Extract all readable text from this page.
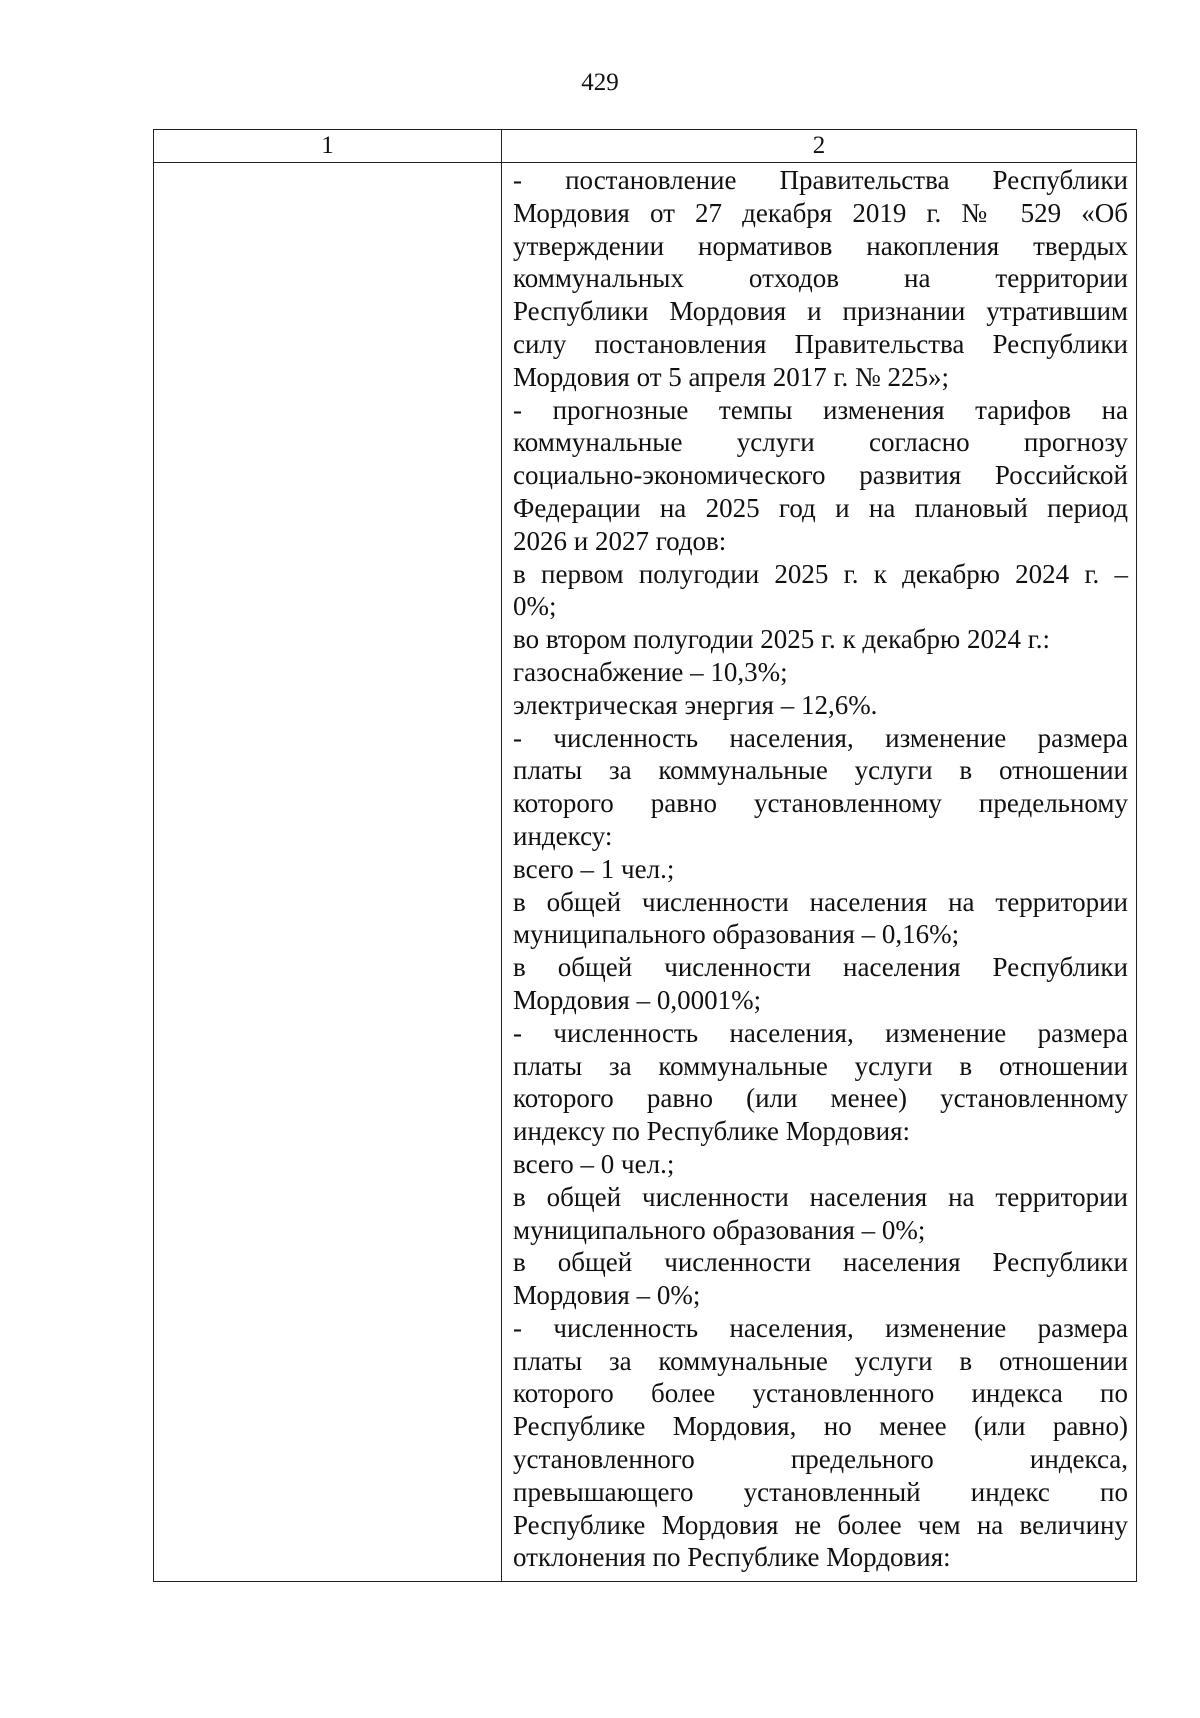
429
1	2
- постановление Правительства Республики
Мордовия от 27 декабря 2019 г. № 529 «Об
утверждении нормативов накопления твердых
коммунальных отходов на территории
Республики Мордовия и признании утратившим
силу постановления Правительства Республики
Мордовия от 5 апреля 2017 г. № 225»;
- прогнозные темпы изменения тарифов на
коммунальные услуги согласно прогнозу
социально-экономического развития Российской
Федерации на 2025 год и на плановый период
2026 и 2027 годов:
в первом полугодии 2025 г. к декабрю 2024 г. –
0%;
во втором полугодии 2025 г. к декабрю 2024 г.:
газоснабжение – 10,3%;
электрическая энергия – 12,6%.
- численность населения, изменение размера
платы за коммунальные услуги в отношении
которого равно установленному предельному
индексу:
всего – 1 чел.;
в общей численности населения на территории
муниципального образования – 0,16%;
в общей численности населения Республики
Мордовия – 0,0001%;
- численность населения, изменение размера
платы за коммунальные услуги в отношении
которого равно (или менее) установленному
индексу по Республике Мордовия:
всего – 0 чел.;
в общей численности населения на территории
муниципального образования – 0%;
в общей численности населения Республики
Мордовия – 0%;
- численность населения, изменение размера
платы за коммунальные услуги в отношении
которого более установленного индекса по
Республике Мордовия, но менее (или равно)
установленного предельного индекса,
превышающего установленный индекс по
Республике Мордовия не более чем на величину
отклонения по Республике Мордовия:
